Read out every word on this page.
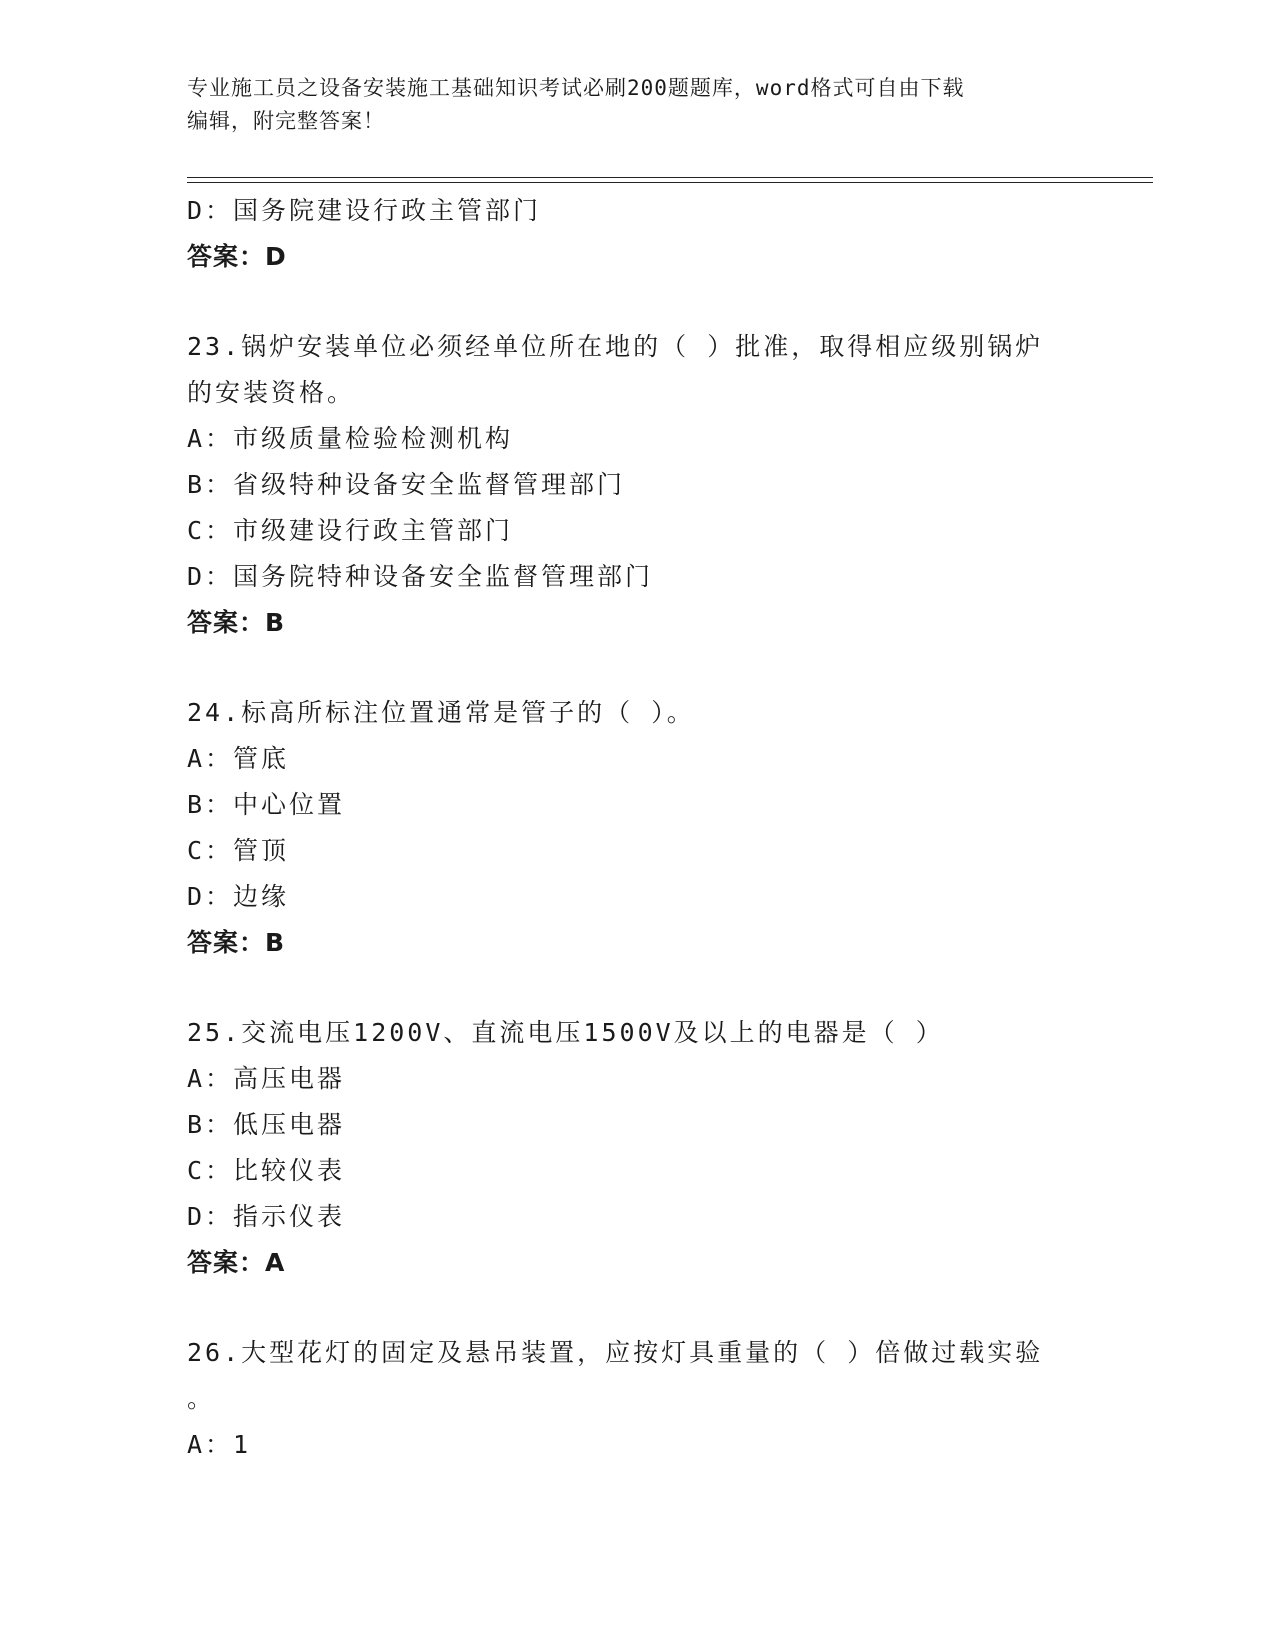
专业施工员之设备安装施工基础知识考试必刷200题题库，word格式可自由下载
编辑，附完整答案！
D：国务院建设行政主管部门
答案：D
23.锅炉安装单位必须经单位所在地的（ ）批准，取得相应级别锅炉
的安装资格。
A：市级质量检验检测机构
B：省级特种设备安全监督管理部门
C：市级建设行政主管部门
D：国务院特种设备安全监督管理部门
答案：B
24.标高所标注位置通常是管子的（ ）。
A：管底
B：中心位置
C：管顶
D：边缘
答案：B
25.交流电压1200V、直流电压1500V及以上的电器是（ ）
A：高压电器
B：低压电器
C：比较仪表
D：指示仪表
答案：A
26.大型花灯的固定及悬吊装置，应按灯具重量的（ ）倍做过载实验
。
A：1
